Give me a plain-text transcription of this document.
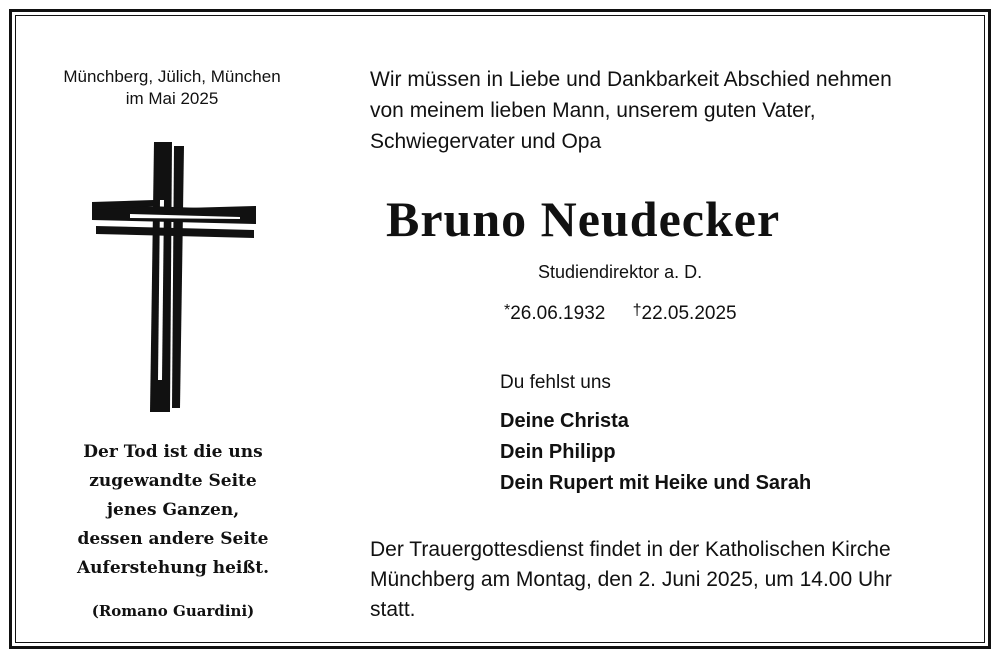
Münchberg, Jülich, München
im Mai 2025
Der Tod ist die uns
zugewandte Seite
jenes Ganzen,
dessen andere Seite
Auferstehung heißt.
(Romano Guardini)
Wir müssen in Liebe und Dankbarkeit Abschied nehmen
von meinem lieben Mann, unserem guten Vater,
Schwiegervater und Opa
Bruno Neudecker
Studiendirektor a. D.
*26.06.1932 †22.05.2025
Du fehlst uns
Deine Christa
Dein Philipp
Dein Rupert mit Heike und Sarah
Der Trauergottesdienst findet in der Katholischen Kirche
Münchberg am Montag, den 2. Juni 2025, um 14.00 Uhr
statt.
